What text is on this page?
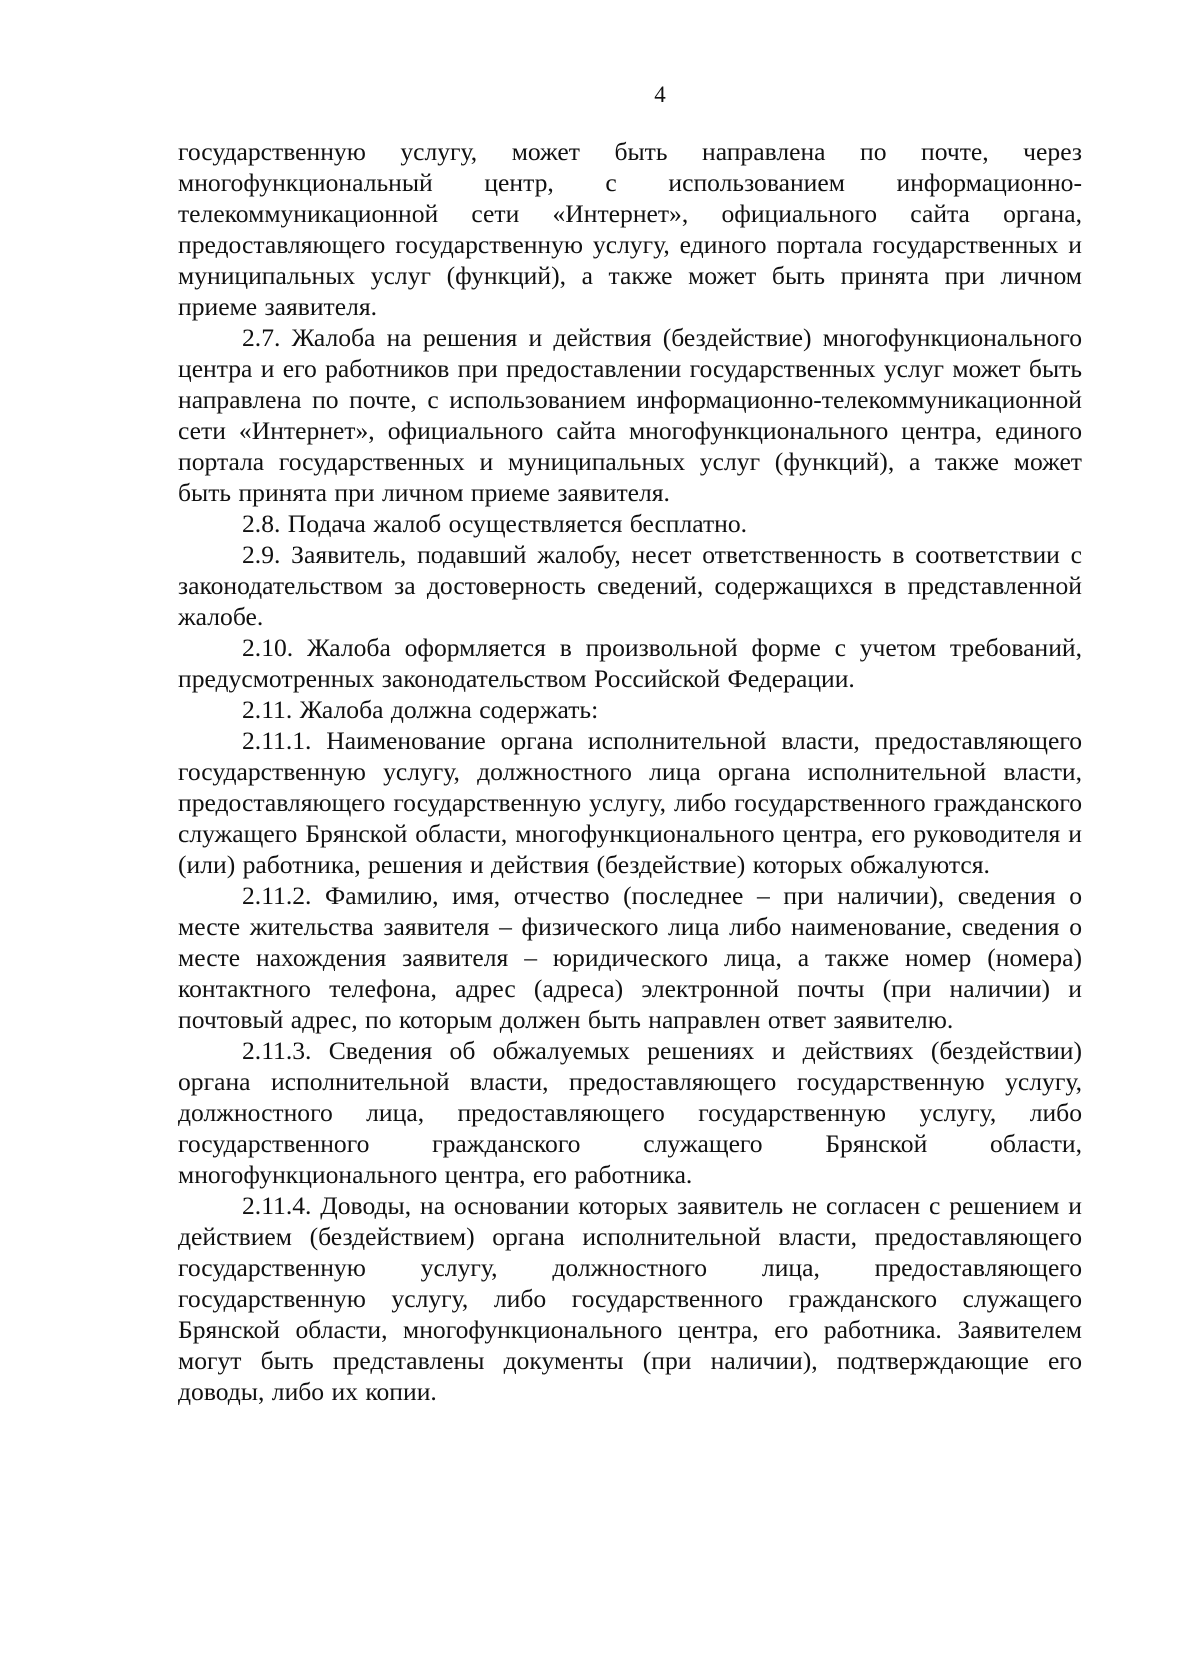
4

государственную услугу, может быть направлена по почте, через многофункциональный центр, с использованием информационно-телекоммуникационной сети «Интернет», официального сайта органа, предоставляющего государственную услугу, единого портала государственных и муниципальных услуг (функций), а также может быть принята при личном приеме заявителя.

2.7. Жалоба на решения и действия (бездействие) многофункционального центра и его работников при предоставлении государственных услуг может быть направлена по почте, с использованием информационно-телекоммуникационной сети «Интернет», официального сайта многофункционального центра, единого портала государственных и муниципальных услуг (функций), а также может быть принята при личном приеме заявителя.

2.8. Подача жалоб осуществляется бесплатно.

2.9. Заявитель, подавший жалобу, несет ответственность в соответствии с законодательством за достоверность сведений, содержащихся в представленной жалобе.

2.10. Жалоба оформляется в произвольной форме с учетом требований, предусмотренных законодательством Российской Федерации.

2.11. Жалоба должна содержать:

2.11.1. Наименование органа исполнительной власти, предоставляющего государственную услугу, должностного лица органа исполнительной власти, предоставляющего государственную услугу, либо государственного гражданского служащего Брянской области, многофункционального центра, его руководителя и (или) работника, решения и действия (бездействие) которых обжалуются.

2.11.2. Фамилию, имя, отчество (последнее – при наличии), сведения о месте жительства заявителя – физического лица либо наименование, сведения о месте нахождения заявителя – юридического лица, а также номер (номера) контактного телефона, адрес (адреса) электронной почты (при наличии) и почтовый адрес, по которым должен быть направлен ответ заявителю.

2.11.3. Сведения об обжалуемых решениях и действиях (бездействии) органа исполнительной власти, предоставляющего государственную услугу, должностного лица, предоставляющего государственную услугу, либо государственного гражданского служащего Брянской области, многофункционального центра, его работника.

2.11.4. Доводы, на основании которых заявитель не согласен с решением и действием (бездействием) органа исполнительной власти, предоставляющего государственную услугу, должностного лица, предоставляющего государственную услугу, либо государственного гражданского служащего Брянской области, многофункционального центра, его работника. Заявителем могут быть представлены документы (при наличии), подтверждающие его доводы, либо их копии.
